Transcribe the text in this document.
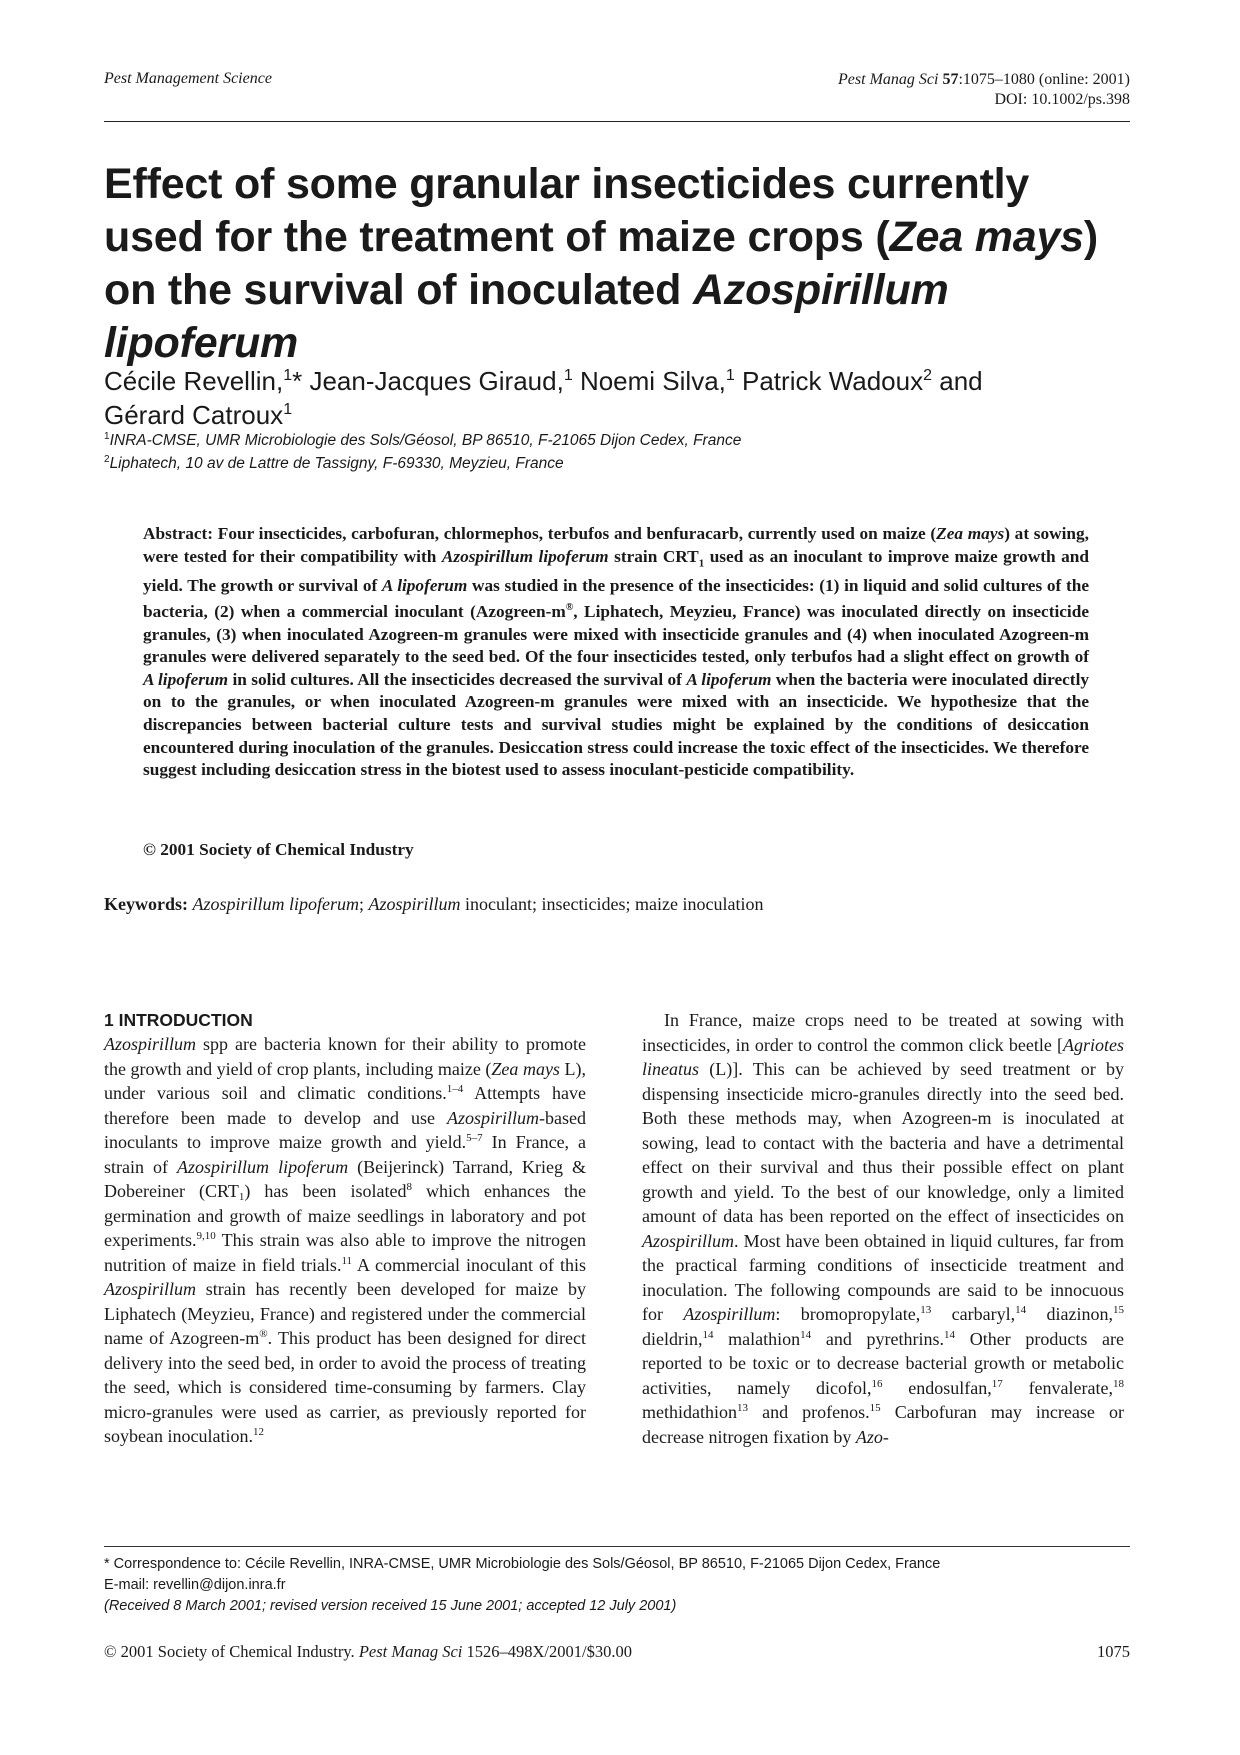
Pest Management Science	Pest Manag Sci 57:1075–1080 (online: 2001)
DOI: 10.1002/ps.398
Effect of some granular insecticides currently used for the treatment of maize crops (Zea mays) on the survival of inoculated Azospirillum lipoferum
Cécile Revellin,$^1$* Jean-Jacques Giraud,$^1$ Noemi Silva,$^1$ Patrick Wadoux$^2$ and
Gérard Catroux$^1$
$^1$INRA-CMSE, UMR Microbiologie des Sols/Géosol, BP 86510, F-21065 Dijon Cedex, France
$^2$Liphatech, 10 av de Lattre de Tassigny, F-69330, Meyzieu, France
Abstract: Four insecticides, carbofuran, chlormephos, terbufos and benfuracarb, currently used on maize (Zea mays) at sowing, were tested for their compatibility with Azospirillum lipoferum strain $CRT_1$ used as an inoculant to improve maize growth and yield. The growth or survival of A lipoferum was studied in the presence of the insecticides: (1) in liquid and solid cultures of the bacteria, (2) when a commercial inoculant (Azogreen-m®, Liphatech, Meyzieu, France) was inoculated directly on insecticide granules, (3) when inoculated Azogreen-m granules were mixed with insecticide granules and (4) when inoculated Azogreen-m granules were delivered separately to the seed bed. Of the four insecticides tested, only terbufos had a slight effect on growth of A lipoferum in solid cultures. All the insecticides decreased the survival of A lipoferum when the bacteria were inoculated directly on to the granules, or when inoculated Azogreen-m granules were mixed with an insecticide. We hypothesize that the discrepancies between bacterial culture tests and survival studies might be explained by the conditions of desiccation encountered during inoculation of the granules. Desiccation stress could increase the toxic effect of the insecticides. We therefore suggest including desiccation stress in the biotest used to assess inoculant-pesticide compatibility.
© 2001 Society of Chemical Industry
Keywords: Azospirillum lipoferum; Azospirillum inoculant; insecticides; maize inoculation
1 INTRODUCTION

Azospirillum spp are bacteria known for their ability to promote the growth and yield of crop plants, including maize (Zea mays L), under various soil and climatic conditions.$^{1-4}$ Attempts have therefore been made to develop and use Azospirillum-based inoculants to improve maize growth and yield.$^{5-7}$ In France, a strain of Azospirillum lipoferum (Beijerinck) Tarrand, Krieg & Dobereiner $(CRT_1)$ has been isolated$^8$ which enhances the germination and growth of maize seedlings in laboratory and pot experiments.$^{9,10}$ This strain was also able to improve the nitrogen nutrition of maize in field trials.$^{11}$ A commercial inoculant of this Azospirillum strain has recently been developed for maize by Liphatech (Meyzieu, France) and registered under the commercial name of Azogreen-m®. This product has been designed for direct delivery into the seed bed, in order to avoid the process of treating the seed, which is considered time-consuming by farmers. Clay micro-granules were used as carrier, as previously reported for soybean inoculation.$^{12}$

In France, maize crops need to be treated at sowing with insecticides, in order to control the common click beetle [Agriotes lineatus (L)]. This can be achieved by seed treatment or by dispensing insecticide micro-granules directly into the seed bed. Both these methods may, when Azogreen-m is inoculated at sowing, lead to contact with the bacteria and have a detrimental effect on their survival and thus their possible effect on plant growth and yield. To the best of our knowledge, only a limited amount of data has been reported on the effect of insecticides on Azospirillum. Most have been obtained in liquid cultures, far from the practical farming conditions of insecticide treatment and inoculation. The following compounds are said to be innocuous for Azospirillum: bromopropylate,$^{13}$ carbaryl,$^{14}$ diazinon,$^{15}$ dieldrin,$^{14}$ malathion$^{14}$ and pyrethrins.$^{14}$ Other products are reported to be toxic or to decrease bacterial growth or metabolic activities, namely dicofol,$^{16}$ endosulfan,$^{17}$ fenvalerate,$^{18}$ methidathion$^{13}$ and profenos.$^{15}$ Carbofuran may increase or decrease nitrogen fixation by Azo-

* Correspondence to: Cécile Revellin, INRA-CMSE, UMR Microbiologie des Sols/Géosol, BP 86510, F-21065 Dijon Cedex, France
E-mail: revellin@dijon.inra.fr
(Received 8 March 2001; revised version received 15 June 2001; accepted 12 July 2001)
© 2001 Society of Chemical Industry. Pest Manag Sci 1526–498X/2001/$30.00	1075
